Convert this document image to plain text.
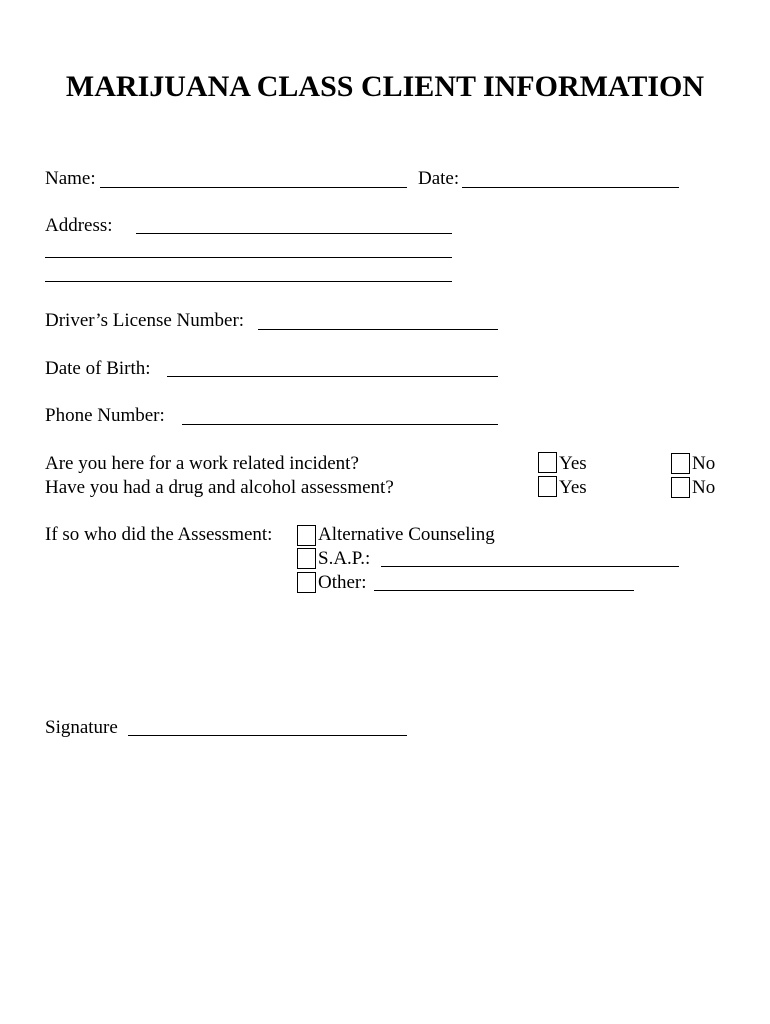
MARIJUANA CLASS CLIENT INFORMATION
Name:	Date:
Address:
Driver’s License Number:
Date of Birth:
Phone Number:
Are you here for a work related incident?	Yes	No
Have you had a drug and alcohol assessment?	Yes	No
If so who did the Assessment: Alternative Counseling
S.A.P.:
Other:
Signature
